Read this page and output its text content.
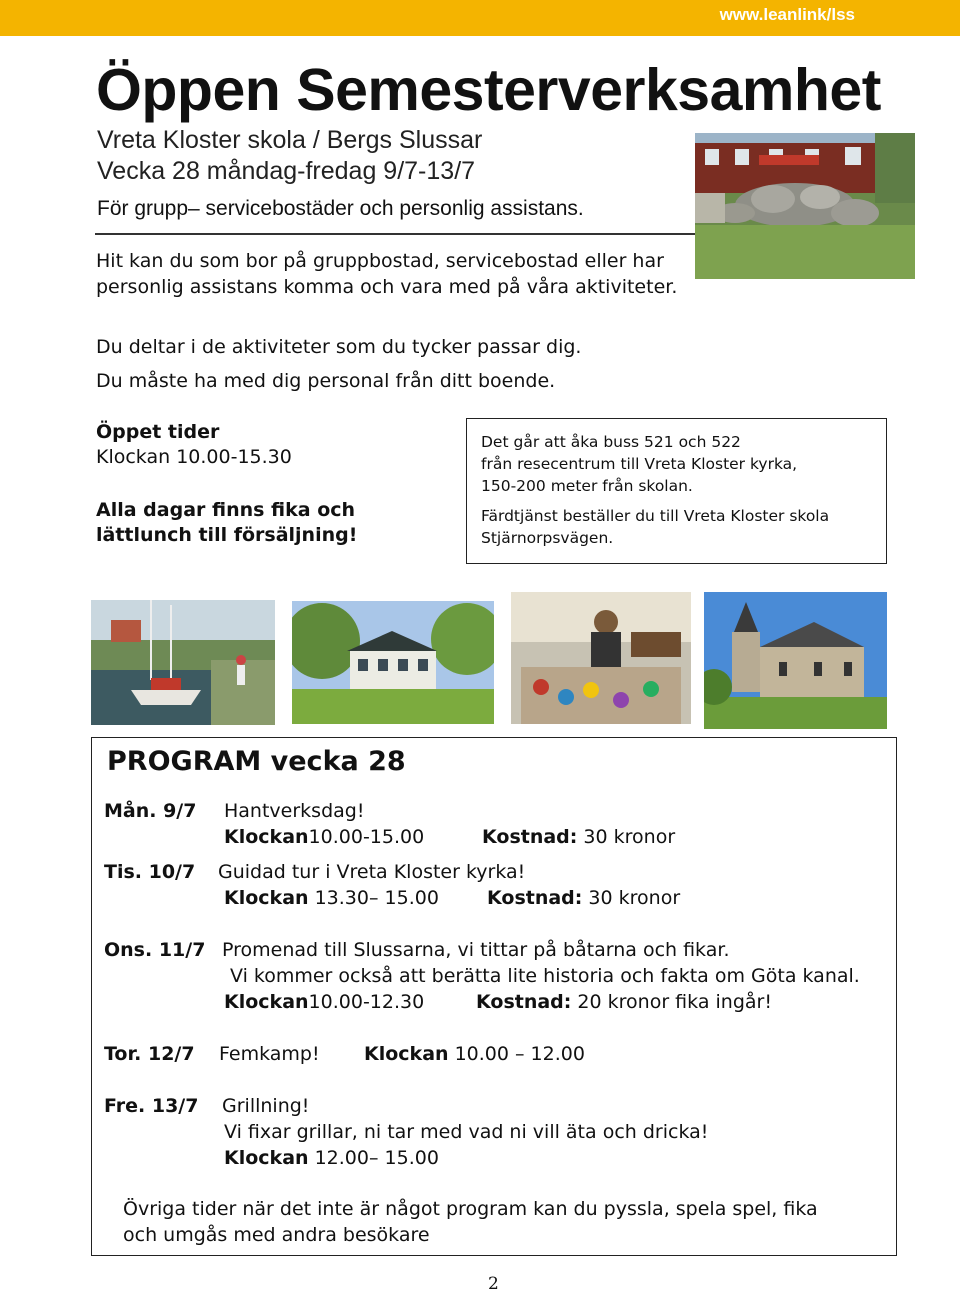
www.leanlink/lss
Öppen Semesterverksamhet
Vreta Kloster skola / Bergs Slussar
Vecka 28 måndag-fredag 9/7-13/7
För grupp– servicebostäder och personlig assistans.
Hit kan du som bor på gruppbostad, servicebostad eller har personlig assistans komma och vara med på våra aktiviteter.
Du deltar i de aktiviteter som du tycker passar dig.
Du måste ha med dig personal från ditt boende.
Öppet tider
Klockan 10.00-15.30
Alla dagar finns fika och lättlunch till försäljning!
Det går att åka buss 521 och 522
från resecentrum till Vreta Kloster kyrka,
150-200 meter från skolan.
Färdtjänst beställer du till Vreta Kloster skola
Stjärnorpsvägen.
PROGRAM vecka 28
Mån. 9/7 Hantverksdag!
Klockan10.00-15.00	Kostnad: 30 kronor
Tis. 10/7 Guidad tur i Vreta Kloster kyrka!
Klockan 13.30– 15.00	Kostnad: 30 kronor
Ons. 11/7 Promenad till Slussarna, vi tittar på båtarna och fikar.
Vi kommer också att berätta lite historia och fakta om Göta kanal.
Klockan10.00-12.30	Kostnad: 20 kronor fika ingår!
Tor. 12/7 Femkamp! Klockan 10.00 – 12.00
Fre. 13/7 Grillning!
Vi fixar grillar, ni tar med vad ni vill äta och dricka!
Klockan 12.00– 15.00
Övriga tider när det inte är något program kan du pyssla, spela spel, fika
och umgås med andra besökare
2
